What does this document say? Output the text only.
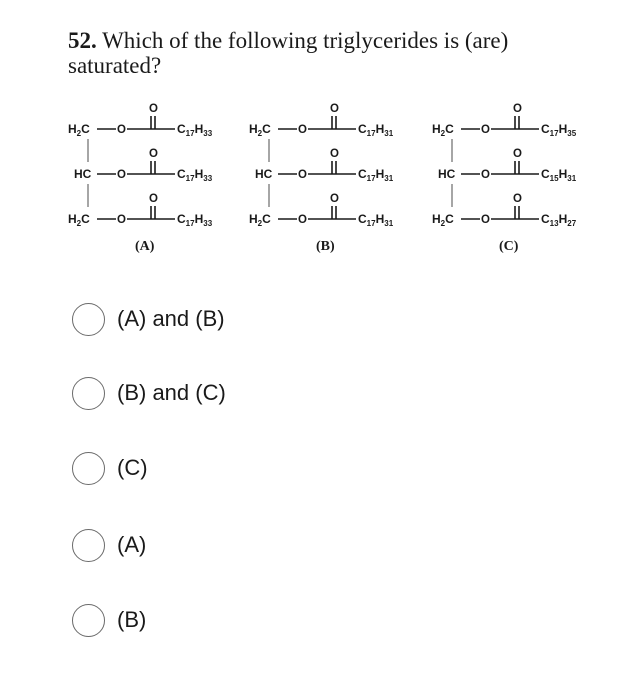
52. Which of the following triglycerides is (are) saturated?
$H_2C$ O
O
$C_{17}H_{33}$
HC O
O
$C_{17}H_{33}$
$H_2C$ O
O
$C_{17}H_{33}$
(A)
$H_2C$ O
O
$C_{17}H_{31}$
HC O
O
$C_{17}H_{31}$
$H_2C$ O
O
$C_{17}H_{31}$
(B)
$H_2C$ O
O
$C_{17}H_{35}$
HC O
O
$C_{15}H_{31}$
$H_2C$ O
O
$C_{13}H_{27}$
(C)
(A) and (B)
(B) and (C)
(C)
(A)
(B)
